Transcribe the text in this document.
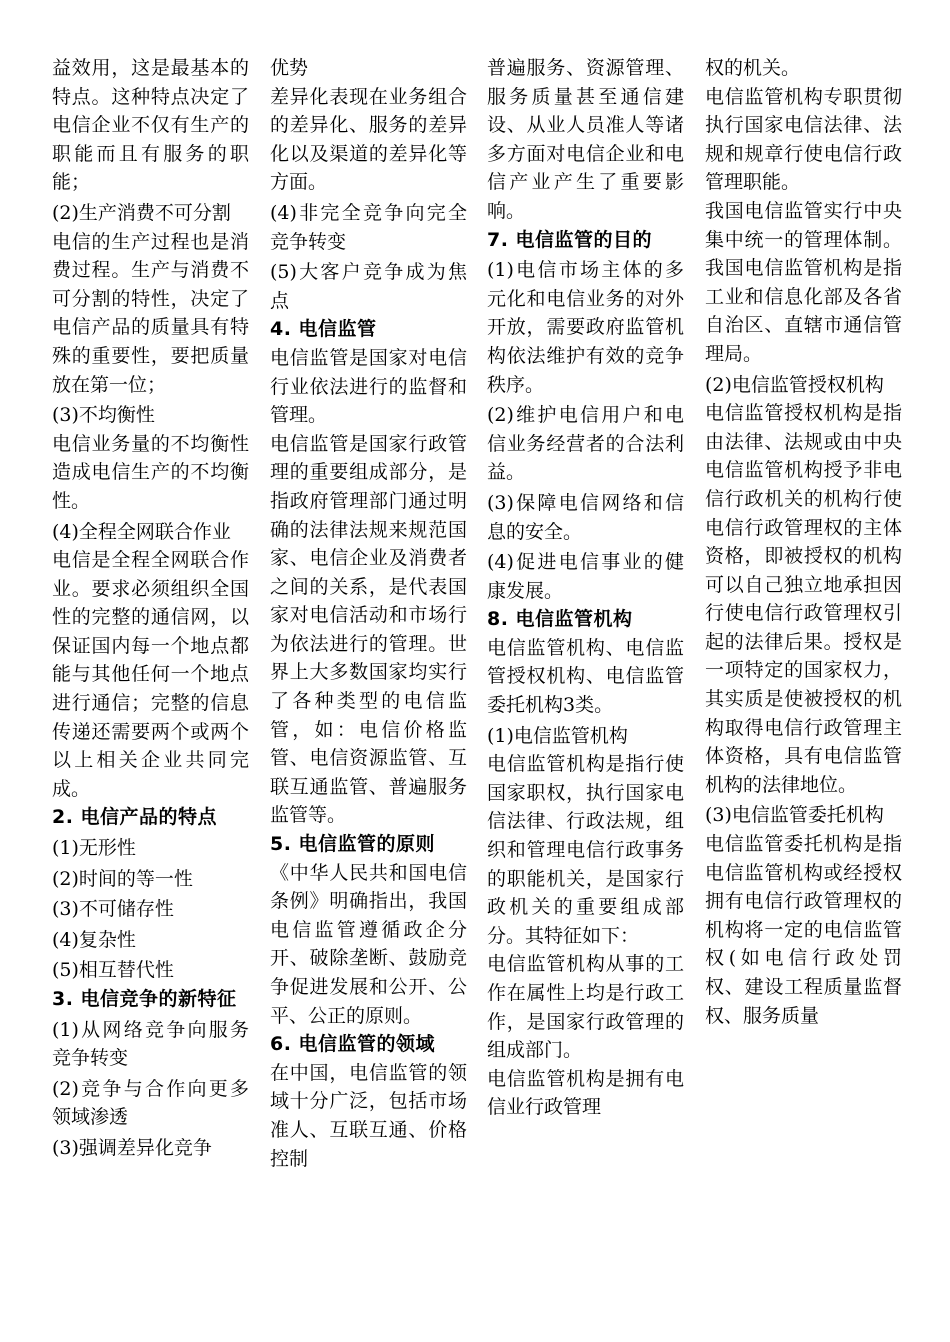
益效用，这是最基本的特点。这种特点决定了电信企业不仅有生产的职能而且有服务的职能；

(2)生产消费不可分割

电信的生产过程也是消费过程。生产与消费不可分割的特性，决定了电信产品的质量具有特殊的重要性，要把质量放在第一位；

(3)不均衡性

电信业务量的不均衡性造成电信生产的不均衡性。

(4)全程全网联合作业

电信是全程全网联合作业。要求必须组织全国性的完整的通信网，以保证国内每一个地点都能与其他任何一个地点进行通信；完整的信息传递还需要两个或两个以上相关企业共同完成。

2. 电信产品的特点

(1)无形性

(2)时间的等一性

(3)不可储存性

(4)复杂性

(5)相互替代性

3. 电信竞争的新特征

(1)从网络竞争向服务竞争转变

(2)竞争与合作向更多领域渗透

(3)强调差异化竞争

优势

差异化表现在业务组合的差异化、服务的差异化以及渠道的差异化等方面。

(4)非完全竞争向完全竞争转变

(5)大客户竞争成为焦点

4. 电信监管

电信监管是国家对电信行业依法进行的监督和管理。

电信监管是国家行政管理的重要组成部分，是指政府管理部门通过明确的法律法规来规范国家、电信企业及消费者之间的关系，是代表国家对电信活动和市场行为依法进行的管理。世界上大多数国家均实行了各种类型的电信监管，如：电信价格监管、电信资源监管、互联互通监管、普遍服务监管等。

5. 电信监管的原则

《中华人民共和国电信条例》明确指出，我国电信监管遵循政企分开、破除垄断、鼓励竞争促进发展和公开、公平、公正的原则。

6. 电信监管的领域

在中国，电信监管的领域十分广泛，包括市场准人、互联互通、价格控制

普遍服务、资源管理、服务质量甚至通信建设、从业人员准人等诸多方面对电信企业和电信产业产生了重要影响。

7. 电信监管的目的

(1)电信市场主体的多元化和电信业务的对外开放，需要政府监管机构依法维护有效的竞争秩序。

(2)维护电信用户和电信业务经营者的合法利益。

(3)保障电信网络和信息的安全。

(4)促进电信事业的健康发展。

8. 电信监管机构

电信监管机构、电信监管授权机构、电信监管委托机构3类。

(1)电信监管机构

电信监管机构是指行使国家职权，执行国家电信法律、行政法规，组织和管理电信行政事务的职能机关，是国家行政机关的重要组成部分。其特征如下：

电信监管机构从事的工作在属性上均是行政工作，是国家行政管理的组成部门。

电信监管机构是拥有电信业行政管理

权的机关。

电信监管机构专职贯彻执行国家电信法律、法规和规章行使电信行政管理职能。

我国电信监管实行中央集中统一的管理体制。我国电信监管机构是指工业和信息化部及各省自治区、直辖市通信管理局。

(2)电信监管授权机构

电信监管授权机构是指由法律、法规或由中央电信监管机构授予非电信行政机关的机构行使电信行政管理权的主体资格，即被授权的机构可以自己独立地承担因行使电信行政管理权引起的法律后果。授权是一项特定的国家权力，其实质是使被授权的机构取得电信行政管理主体资格，具有电信监管机构的法律地位。

(3)电信监管委托机构

电信监管委托机构是指电信监管机构或经授权拥有电信行政管理权的机构将一定的电信监管权(如电信行政处罚权、建设工程质量监督权、服务质量
